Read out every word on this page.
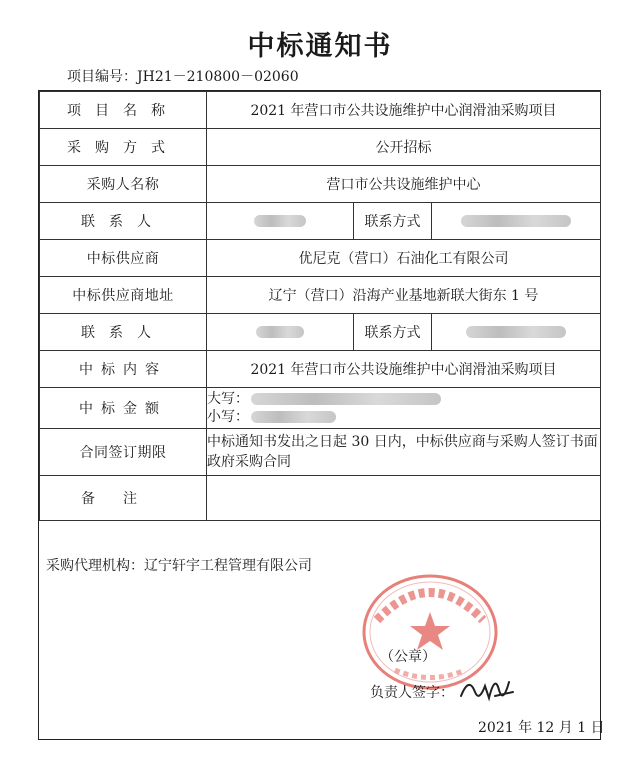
中标通知书
项目编号：JH21－210800－02060
项目名称	2021 年营口市公共设施维护中心润滑油采购项目		
采购方式	公开招标		
采购人名称	营口市公共设施维护中心		
联系人		联系方式	
中标供应商	优尼克（营口）石油化工有限公司		
中标供应商地址	辽宁（营口）沿海产业基地新联大街东 1 号		
联系人		联系方式	
中标内容	2021 年营口市公共设施维护中心润滑油采购项目		
中标金额	大写：
小写：		

合同签订期限	中标通知书发出之日起 30 日内，中标供应商与采购人签订书面政府采购合同		
备注			
采购代理机构：辽宁轩宇工程管理有限公司
（公章）
负责人签字：
2021 年 12 月 1 日
